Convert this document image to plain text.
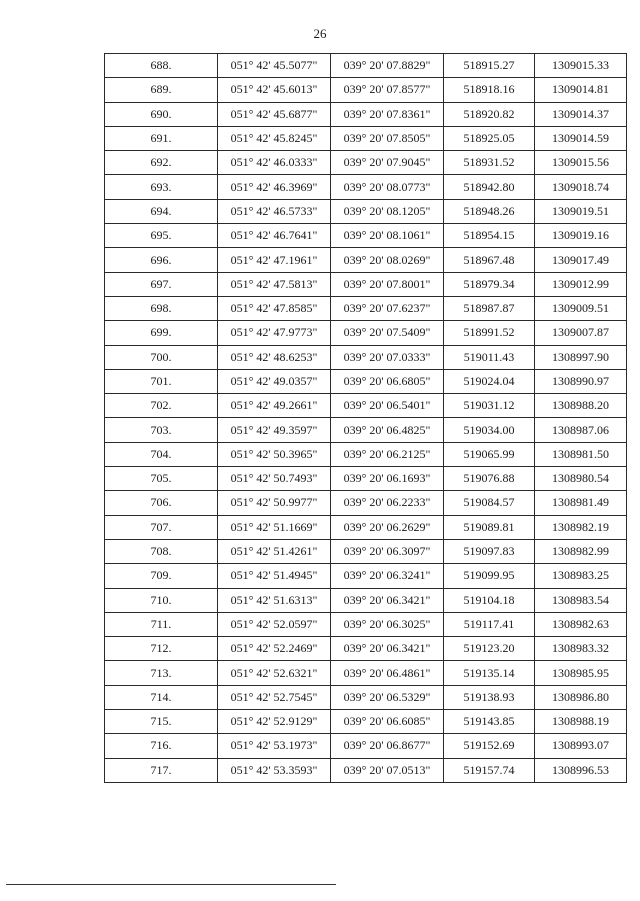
26
688.	051° 42' 45.5077"	039° 20' 07.8829"	518915.27	1309015.33
689.	051° 42' 45.6013"	039° 20' 07.8577"	518918.16	1309014.81
690.	051° 42' 45.6877"	039° 20' 07.8361"	518920.82	1309014.37
691.	051° 42' 45.8245"	039° 20' 07.8505"	518925.05	1309014.59
692.	051° 42' 46.0333"	039° 20' 07.9045"	518931.52	1309015.56
693.	051° 42' 46.3969"	039° 20' 08.0773"	518942.80	1309018.74
694.	051° 42' 46.5733"	039° 20' 08.1205"	518948.26	1309019.51
695.	051° 42' 46.7641"	039° 20' 08.1061"	518954.15	1309019.16
696.	051° 42' 47.1961"	039° 20' 08.0269"	518967.48	1309017.49
697.	051° 42' 47.5813"	039° 20' 07.8001"	518979.34	1309012.99
698.	051° 42' 47.8585"	039° 20' 07.6237"	518987.87	1309009.51
699.	051° 42' 47.9773"	039° 20' 07.5409"	518991.52	1309007.87
700.	051° 42' 48.6253"	039° 20' 07.0333"	519011.43	1308997.90
701.	051° 42' 49.0357"	039° 20' 06.6805"	519024.04	1308990.97
702.	051° 42' 49.2661"	039° 20' 06.5401"	519031.12	1308988.20
703.	051° 42' 49.3597"	039° 20' 06.4825"	519034.00	1308987.06
704.	051° 42' 50.3965"	039° 20' 06.2125"	519065.99	1308981.50
705.	051° 42' 50.7493"	039° 20' 06.1693"	519076.88	1308980.54
706.	051° 42' 50.9977"	039° 20' 06.2233"	519084.57	1308981.49
707.	051° 42' 51.1669"	039° 20' 06.2629"	519089.81	1308982.19
708.	051° 42' 51.4261"	039° 20' 06.3097"	519097.83	1308982.99
709.	051° 42' 51.4945"	039° 20' 06.3241"	519099.95	1308983.25
710.	051° 42' 51.6313"	039° 20' 06.3421"	519104.18	1308983.54
711.	051° 42' 52.0597"	039° 20' 06.3025"	519117.41	1308982.63
712.	051° 42' 52.2469"	039° 20' 06.3421"	519123.20	1308983.32
713.	051° 42' 52.6321"	039° 20' 06.4861"	519135.14	1308985.95
714.	051° 42' 52.7545"	039° 20' 06.5329"	519138.93	1308986.80
715.	051° 42' 52.9129"	039° 20' 06.6085"	519143.85	1308988.19
716.	051° 42' 53.1973"	039° 20' 06.8677"	519152.69	1308993.07
717.	051° 42' 53.3593"	039° 20' 07.0513"	519157.74	1308996.53
